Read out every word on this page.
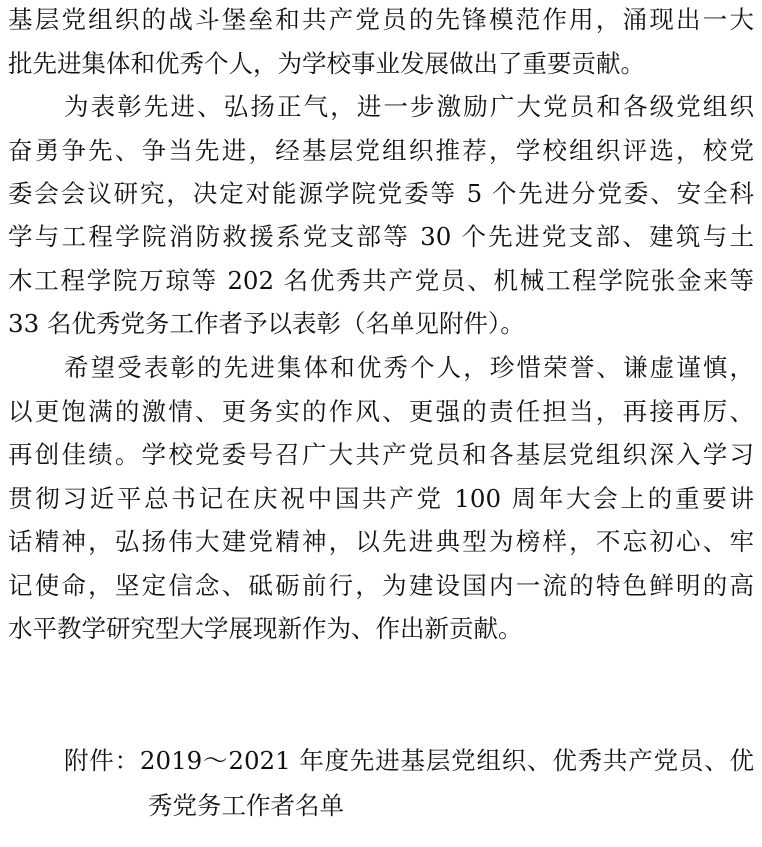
基层党组织的战斗堡垒和共产党员的先锋模范作用，涌现出一大
批先进集体和优秀个人，为学校事业发展做出了重要贡献。
为表彰先进、弘扬正气，进一步激励广大党员和各级党组织
奋勇争先、争当先进，经基层党组织推荐，学校组织评选，校党
委会会议研究，决定对能源学院党委等 5 个先进分党委、安全科
学与工程学院消防救援系党支部等 30 个先进党支部、建筑与土
木工程学院万琼等 202 名优秀共产党员、机械工程学院张金来等
33 名优秀党务工作者予以表彰（名单见附件）。
希望受表彰的先进集体和优秀个人，珍惜荣誉、谦虚谨慎，
以更饱满的激情、更务实的作风、更强的责任担当，再接再厉、
再创佳绩。学校党委号召广大共产党员和各基层党组织深入学习
贯彻习近平总书记在庆祝中国共产党 100 周年大会上的重要讲
话精神，弘扬伟大建党精神，以先进典型为榜样，不忘初心、牢
记使命，坚定信念、砥砺前行，为建设国内一流的特色鲜明的高
水平教学研究型大学展现新作为、作出新贡献。
附件：2019～2021 年度先进基层党组织、优秀共产党员、优
秀党务工作者名单
